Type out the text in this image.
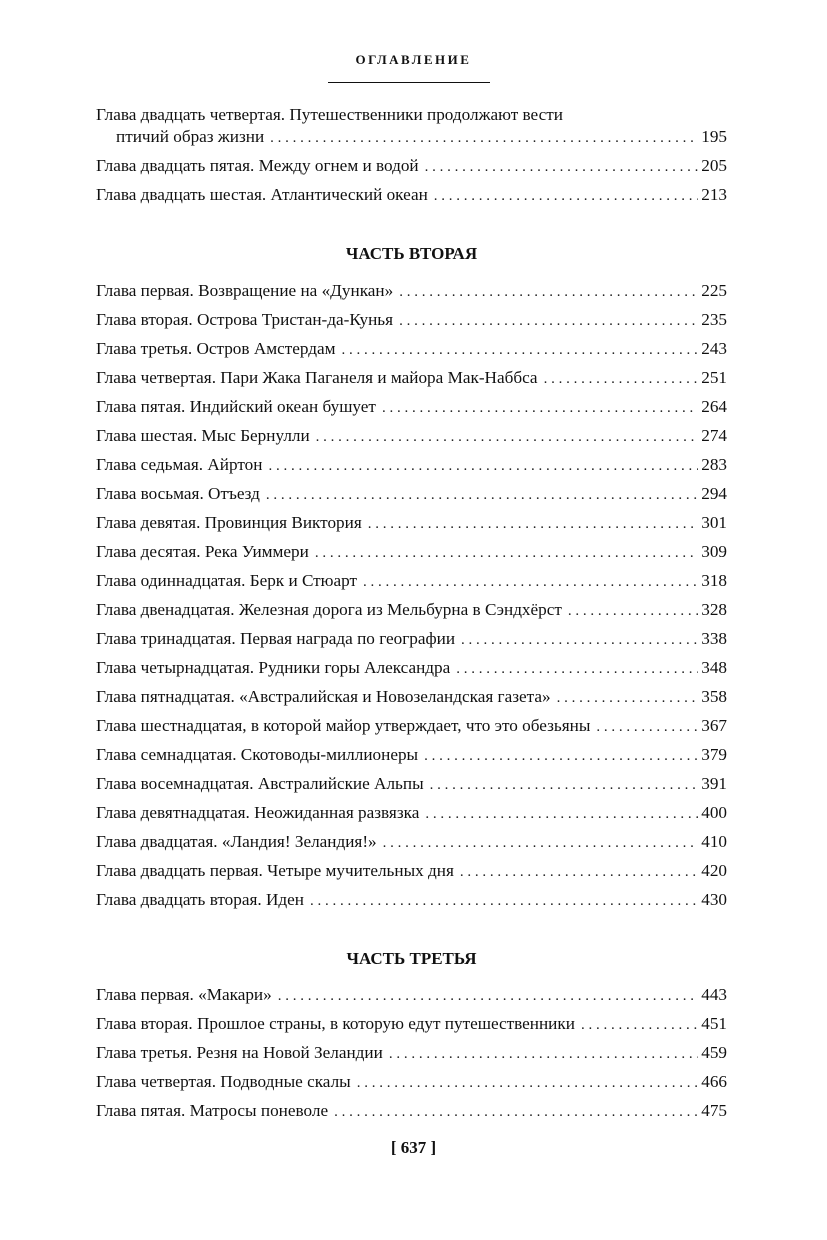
ОГЛАВЛЕНИЕ
Глава двадцать четвертая. Путешественники продолжают вести
птичий образ жизни . . .	195
Глава двадцать пятая. Между огнем и водой . . .	205
Глава двадцать шестая. Атлантический океан . . .	213
ЧАСТЬ ВТОРАЯ
Глава первая. Возвращение на «Дункан» . . .	225
Глава вторая. Острова Тристан-да-Кунья . . .	235
Глава третья. Остров Амстердам . . .	243
Глава четвертая. Пари Жака Паганеля и майора Мак-Наббса . . .	251
Глава пятая. Индийский океан бушует . . .	264
Глава шестая. Мыс Бернулли . . .	274
Глава седьмая. Айртон . . .	283
Глава восьмая. Отъезд . . .	294
Глава девятая. Провинция Виктория . . .	301
Глава десятая. Река Уиммери . . .	309
Глава одиннадцатая. Берк и Стюарт . . .	318
Глава двенадцатая. Железная дорога из Мельбурна в Сэндхёрст . . .	328
Глава тринадцатая. Первая награда по географии . . .	338
Глава четырнадцатая. Рудники горы Александра . . .	348
Глава пятнадцатая. «Австралийская и Новозеландская газета» . . .	358
Глава шестнадцатая, в которой майор утверждает, что это обезьяны . . .	367
Глава семнадцатая. Скотоводы-миллионеры . . .	379
Глава восемнадцатая. Австралийские Альпы . . .	391
Глава девятнадцатая. Неожиданная развязка . . .	400
Глава двадцатая. «Ландия! Зеландия!» . . .	410
Глава двадцать первая. Четыре мучительных дня . . .	420
Глава двадцать вторая. Иден . . .	430
ЧАСТЬ ТРЕТЬЯ
Глава первая. «Макари» . . .	443
Глава вторая. Прошлое страны, в которую едут путешественники . . .	451
Глава третья. Резня на Новой Зеландии . . .	459
Глава четвертая. Подводные скалы . . .	466
Глава пятая. Матросы поневоле . . .	475
[ 637 ]
